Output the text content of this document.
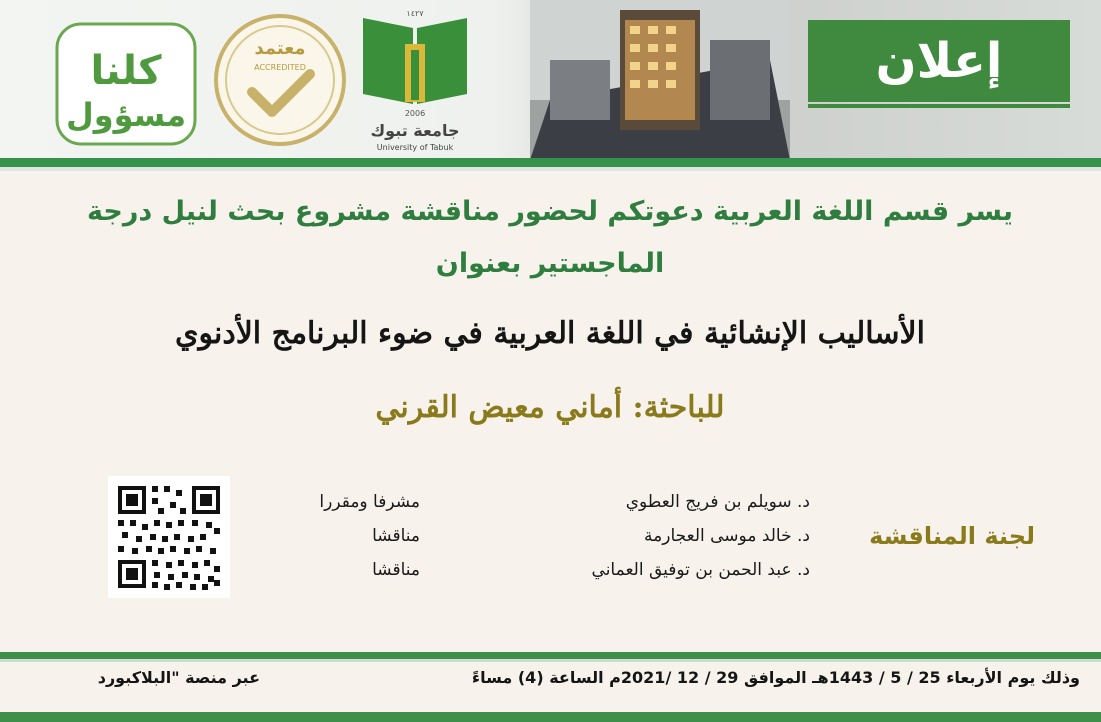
كلنا
مسؤول
معتمد
ACCREDITED
١٤٢٧
2006
جامعة تبوك
University of Tabuk
إعلان
يسر قسم اللغة العربية دعوتكم لحضور مناقشة مشروع بحث لنيل درجة الماجستير بعنوان
الأساليب الإنشائية في اللغة العربية في ضوء البرنامج الأدنوي
للباحثة: أماني معيض القرني
لجنة المناقشة
د. سويلم بن فريج العطوي
مشرفا ومقررا
د. خالد موسى العجارمة
مناقشا
د. عبد الحمن بن توفيق العماني
مناقشا
وذلك يوم الأربعاء 25 / 5 / 1443هـ الموافق 29 / 12 /2021م الساعة (4) مساءً
عبر منصة "البلاكبورد
